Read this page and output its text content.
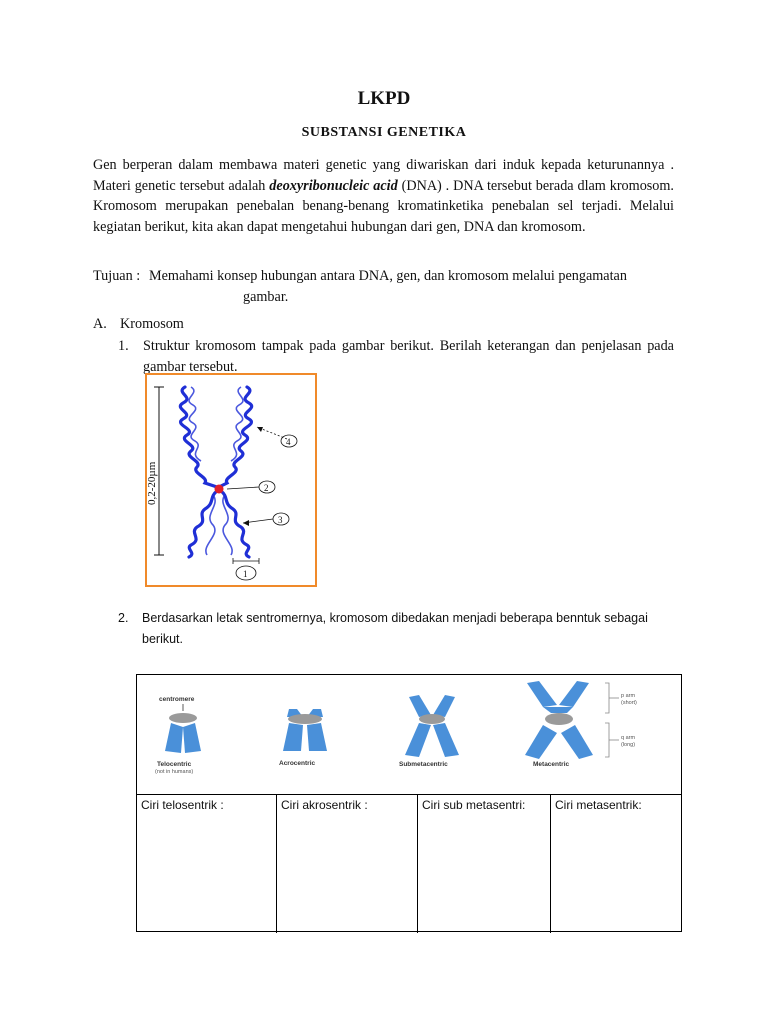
LKPD
SUBSTANSI GENETIKA

Gen berperan dalam membawa materi genetic yang diwariskan dari induk kepada keturunannya . Materi genetic tersebut adalah deoxyribonucleic acid (DNA) . DNA tersebut berada dlam kromosom. Kromosom merupakan penebalan benang-benang kromatinketika penebalan sel terjadi. Melalui kegiatan berikut, kita akan dapat mengetahui hubungan dari gen, DNA dan kromosom.

Tujuan : Memahami konsep hubungan antara DNA, gen, dan kromosom melalui pengamatan
gambar.
A. Kromosom
1. Struktur kromosom tampak pada gambar berikut. Berilah keterangan dan penjelasan pada gambar tersebut.
0,2-20µm
4
2
3
1
2. Berdasarkan letak sentromernya, kromosom dibedakan menjadi beberapa benntuk sebagai berikut.
centromere
Telocentric
(not in humans)
Acrocentric	Submetacentric	Metacentric
p arm
(short)
q arm
(long)
Ciri telosentrik :	Ciri akrosentrik :	Ciri sub metasentri:	Ciri metasentrik:
